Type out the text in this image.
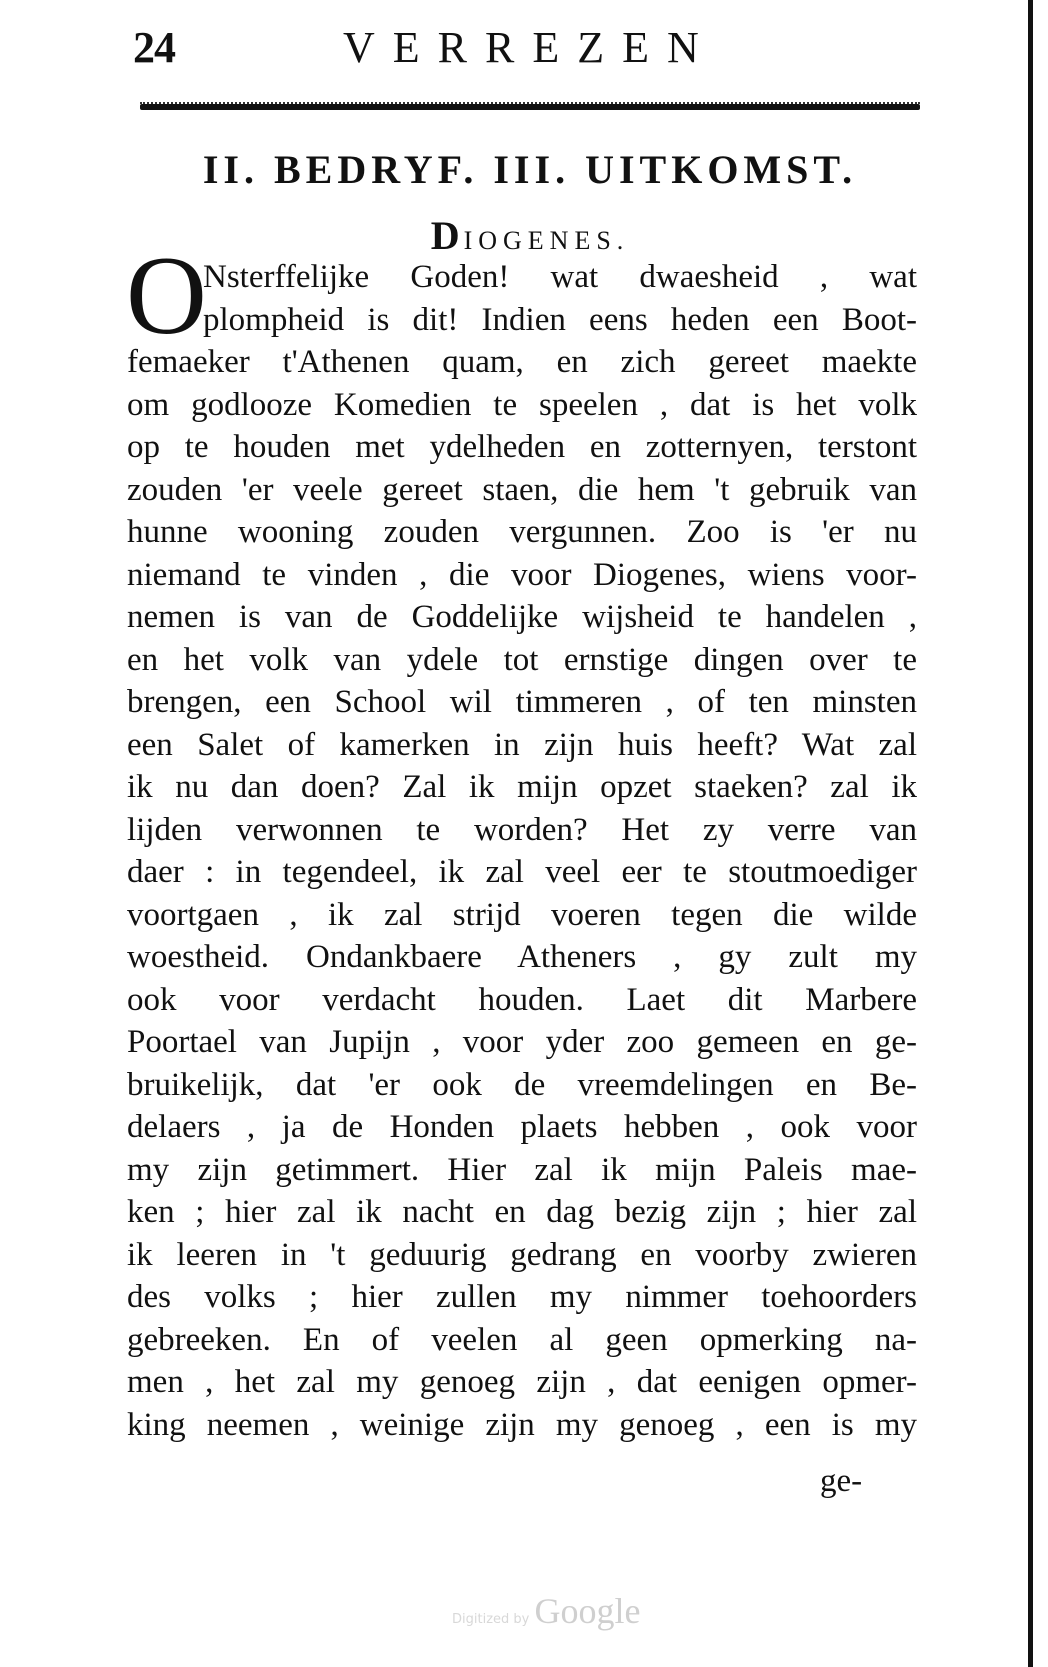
24	VERREZEN
II. BEDRYF. III. UITKOMST.
DIOGENES.
O
Nsterffelijke Goden! wat dwaesheid , wat
plompheid is dit! Indien eens heden een Boot-
femaeker t'Athenen quam, en zich gereet maekte
om godlooze Komedien te speelen , dat is het volk
op te houden met ydelheden en zotternyen, terstont
zouden 'er veele gereet staen, die hem 't gebruik van
hunne wooning zouden vergunnen. Zoo is 'er nu
niemand te vinden , die voor Diogenes, wiens voor-
nemen is van de Goddelijke wijsheid te handelen ,
en het volk van ydele tot ernstige dingen over te
brengen, een School wil timmeren , of ten minsten
een Salet of kamerken in zijn huis heeft? Wat zal
ik nu dan doen? Zal ik mijn opzet staeken? zal ik
lijden verwonnen te worden? Het zy verre van
daer : in tegendeel, ik zal veel eer te stoutmoediger
voortgaen , ik zal strijd voeren tegen die wilde
woestheid. Ondankbaere Atheners , gy zult my
ook voor verdacht houden. Laet dit Marbere
Poortael van Jupijn , voor yder zoo gemeen en ge-
bruikelijk, dat 'er ook de vreemdelingen en Be-
delaers , ja de Honden plaets hebben , ook voor
my zijn getimmert. Hier zal ik mijn Paleis mae-
ken ; hier zal ik nacht en dag bezig zijn ; hier zal
ik leeren in 't geduurig gedrang en voorby zwieren
des volks ; hier zullen my nimmer toehoorders
gebreeken. En of veelen al geen opmerking na-
men , het zal my genoeg zijn , dat eenigen opmer-
king neemen , weinige zijn my genoeg , een is my
ge-
Digitized by Google
